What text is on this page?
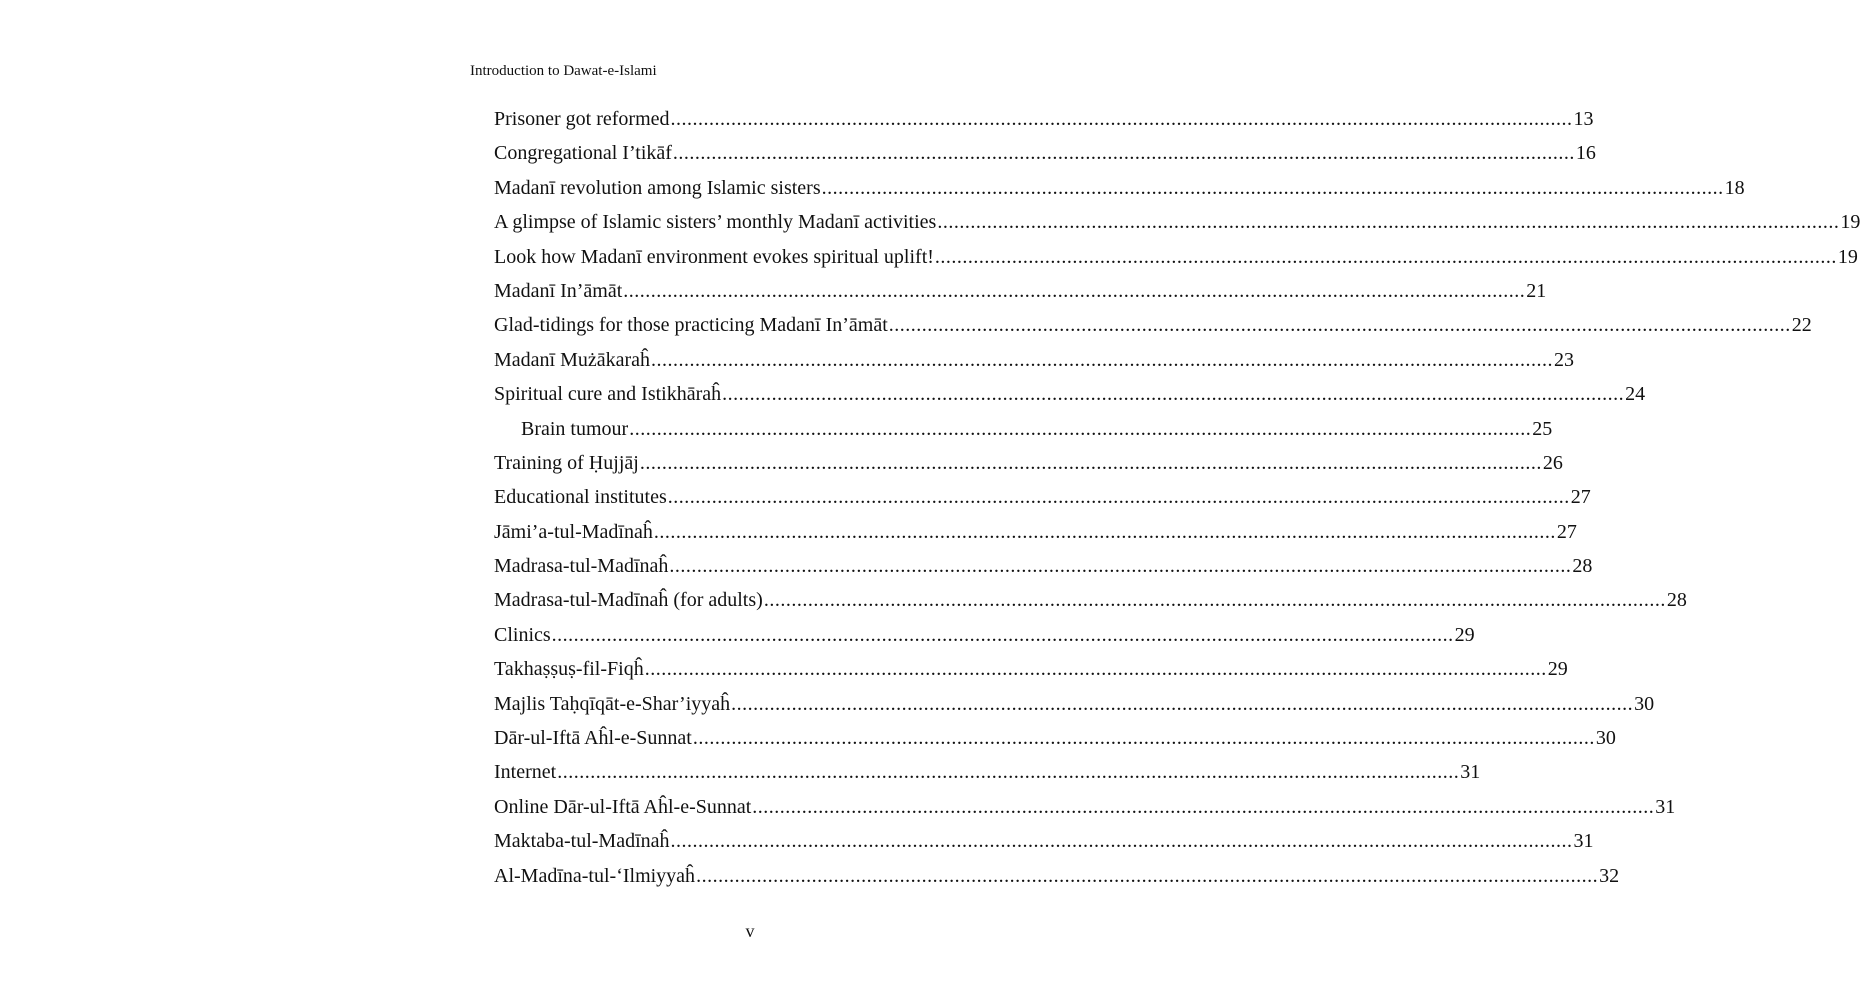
Introduction to Dawat-e-Islami
Prisoner got reformed .................................................................................................................................................................... 13
Congregational I’tikāf .................................................................................................................................................................... 16
Madanī revolution among Islamic sisters .................................................................................................................................................................... 18
A glimpse of Islamic sisters’ monthly Madanī activities .................................................................................................................................................................... 19
Look how Madanī environment evokes spiritual uplift! .................................................................................................................................................................... 19
Madanī In’āmāt .................................................................................................................................................................... 21
Glad-tidings for those practicing Madanī In’āmāt .................................................................................................................................................................... 22
Madanī Mużākaraĥ .................................................................................................................................................................... 23
Spiritual cure and Istikhāraĥ .................................................................................................................................................................... 24
Brain tumour .................................................................................................................................................................... 25
Training of Ḥujjāj .................................................................................................................................................................... 26
Educational institutes .................................................................................................................................................................... 27
Jāmi’a-tul-Madīnaĥ .................................................................................................................................................................... 27
Madrasa-tul-Madīnaĥ .................................................................................................................................................................... 28
Madrasa-tul-Madīnaĥ (for adults) .................................................................................................................................................................... 28
Clinics .................................................................................................................................................................... 29
Takhaṣṣuṣ-fil-Fiqĥ .................................................................................................................................................................... 29
Majlis Taḥqīqāt-e-Shar’iyyaĥ .................................................................................................................................................................... 30
Dār-ul-Iftā Aĥl-e-Sunnat .................................................................................................................................................................... 30
Internet .................................................................................................................................................................... 31
Online Dār-ul-Iftā Aĥl-e-Sunnat .................................................................................................................................................................... 31
Maktaba-tul-Madīnaĥ .................................................................................................................................................................... 31
Al-Madīna-tul-‘Ilmiyyaĥ .................................................................................................................................................................... 32
v
